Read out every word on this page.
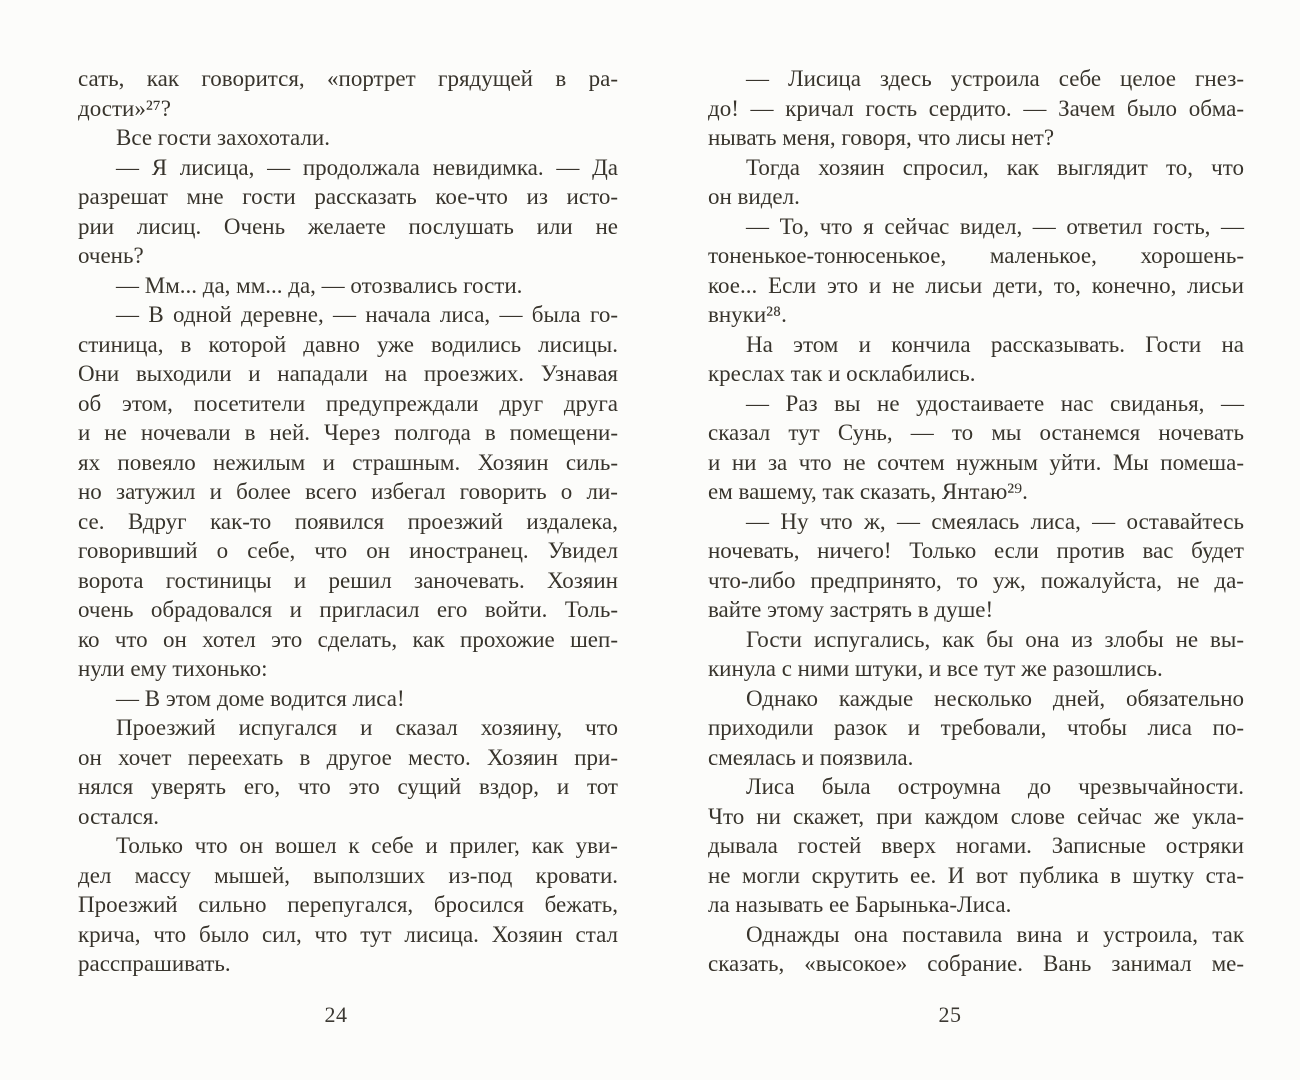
сать, как говорится, «портрет грядущей в ра-
дости»²⁷?
Все гости захохотали.
— Я лисица, — продолжала невидимка. — Да
разрешат мне гости рассказать кое-что из исто-
рии лисиц. Очень желаете послушать или не
очень?
— Мм... да, мм... да, — отозвались гости.
— В одной деревне, — начала лиса, — была го-
стиница, в которой давно уже водились лисицы.
Они выходили и нападали на проезжих. Узнавая
об этом, посетители предупреждали друг друга
и не ночевали в ней. Через полгода в помещени-
ях повеяло нежилым и страшным. Хозяин силь-
но затужил и более всего избегал говорить о ли-
се. Вдруг как-то появился проезжий издалека,
говоривший о себе, что он иностранец. Увидел
ворота гостиницы и решил заночевать. Хозяин
очень обрадовался и пригласил его войти. Толь-
ко что он хотел это сделать, как прохожие шеп-
нули ему тихонько:
— В этом доме водится лиса!
Проезжий испугался и сказал хозяину, что
он хочет переехать в другое место. Хозяин при-
нялся уверять его, что это сущий вздор, и тот
остался.
Только что он вошел к себе и прилег, как уви-
дел массу мышей, выползших из-под кровати.
Проезжий сильно перепугался, бросился бежать,
крича, что было сил, что тут лисица. Хозяин стал
расспрашивать.
— Лисица здесь устроила себе целое гнез-
до! — кричал гость сердито. — Зачем было обма-
нывать меня, говоря, что лисы нет?
Тогда хозяин спросил, как выглядит то, что
он видел.
— То, что я сейчас видел, — ответил гость, —
тоненькое-тонюсенькое, маленькое, хорошень-
кое... Если это и не лисьи дети, то, конечно, лисьи
внуки²⁸.
На этом и кончила рассказывать. Гости на
креслах так и осклабились.
— Раз вы не удостаиваете нас свиданья, —
сказал тут Сунь, — то мы останемся ночевать
и ни за что не сочтем нужным уйти. Мы помеша-
ем вашему, так сказать, Янтаю²⁹.
— Ну что ж, — смеялась лиса, — оставайтесь
ночевать, ничего! Только если против вас будет
что-либо предпринято, то уж, пожалуйста, не да-
вайте этому застрять в душе!
Гости испугались, как бы она из злобы не вы-
кинула с ними штуки, и все тут же разошлись.
Однако каждые несколько дней, обязательно
приходили разок и требовали, чтобы лиса по-
смеялась и поязвила.
Лиса была остроумна до чрезвычайности.
Что ни скажет, при каждом слове сейчас же укла-
дывала гостей вверх ногами. Записные остряки
не могли скрутить ее. И вот публика в шутку ста-
ла называть ее Барынька-Лиса.
Однажды она поставила вина и устроила, так
сказать, «высокое» собрание. Вань занимал ме-
24	25
